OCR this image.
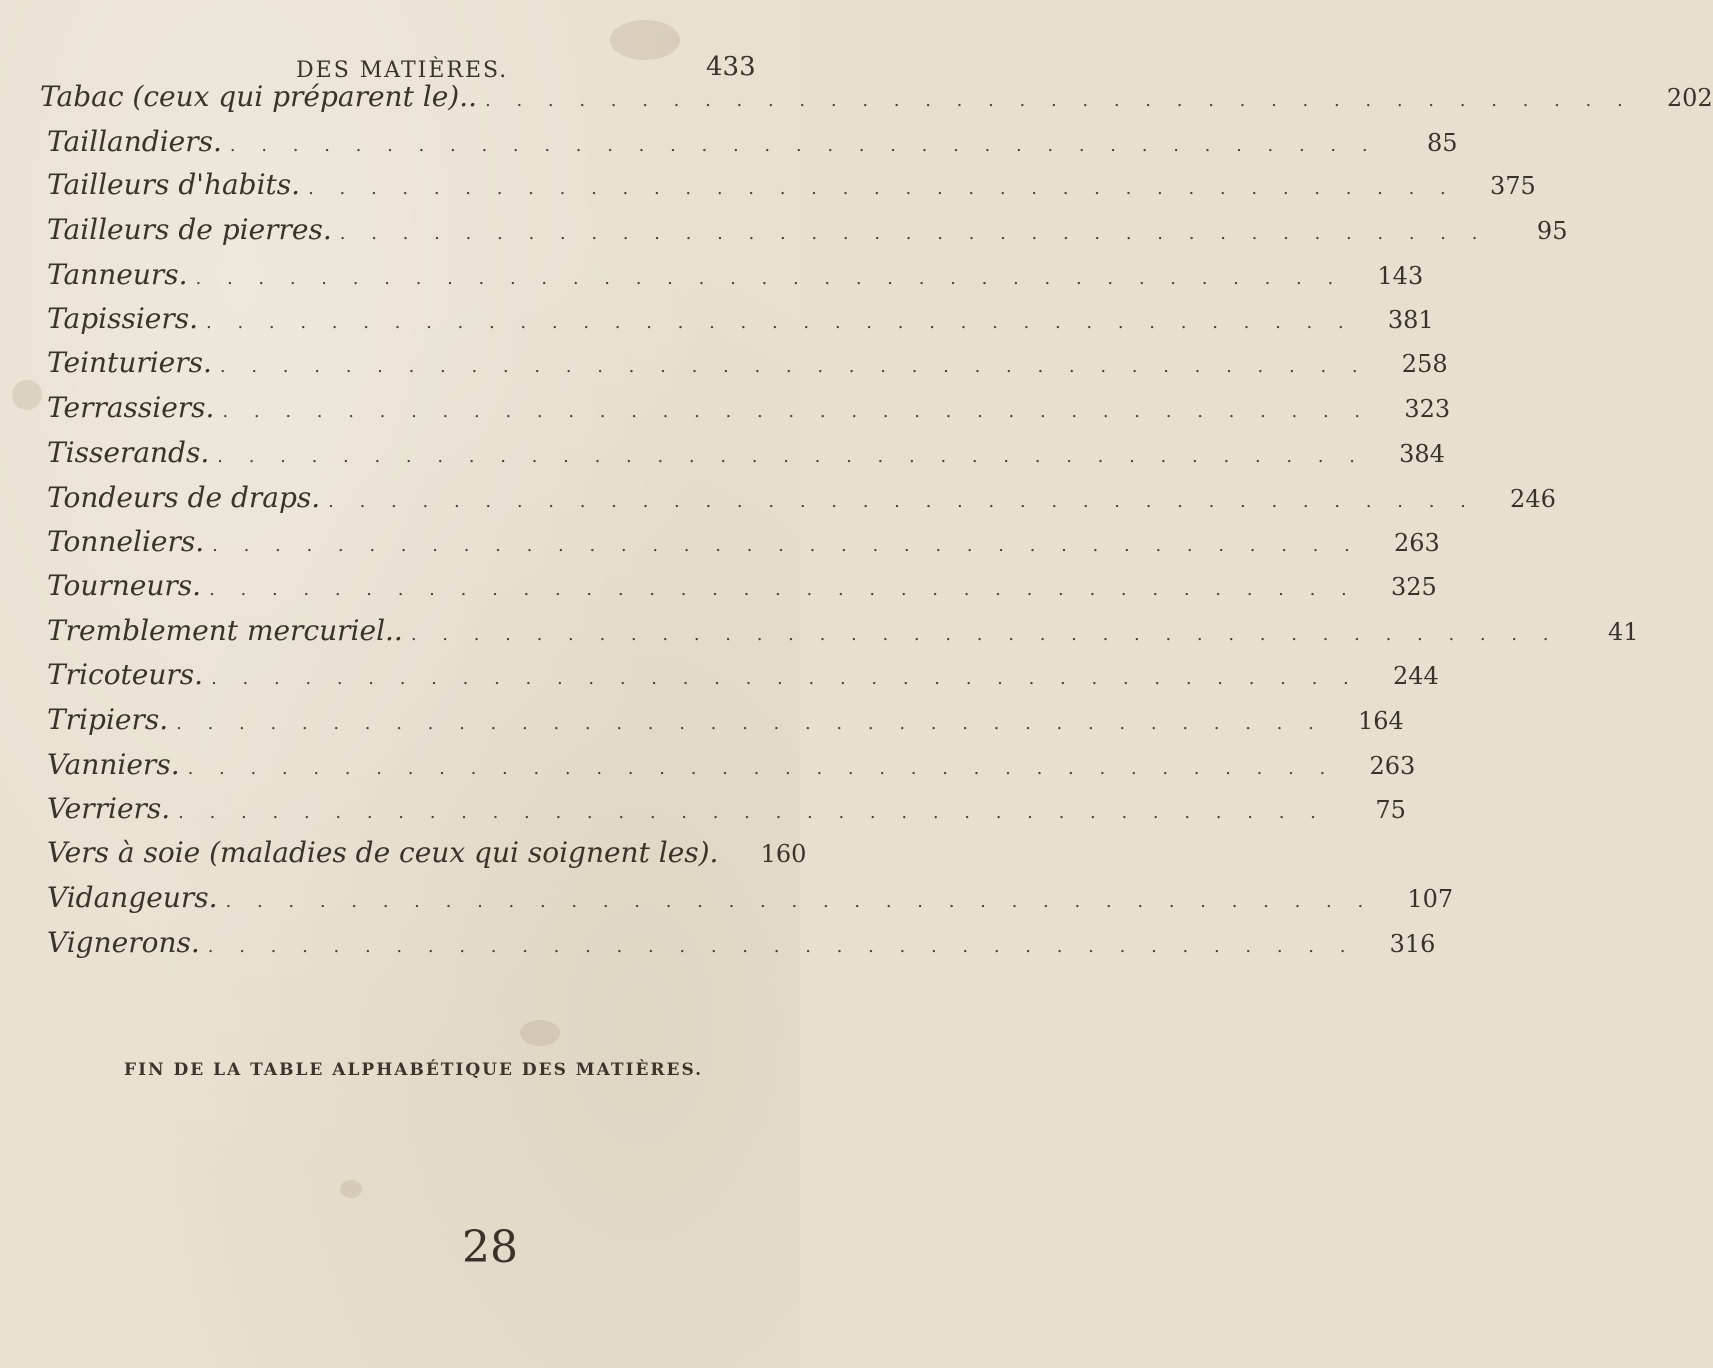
DES MATIÈRES.	433
Tabac (ceux qui préparent le).. . . . . . . . . . . . . . . . . . . . . . . . . . . . . . . . . . . . . .	202
Taillandiers. . . . . . . . . . . . . . . . . . . . . . . . . . . . . . . . . . . . . .	85
Tailleurs d'habits. . . . . . . . . . . . . . . . . . . . . . . . . . . . . . . . . . . . . .	375
Tailleurs de pierres. . . . . . . . . . . . . . . . . . . . . . . . . . . . . . . . . . . . . .	95
Tanneurs. . . . . . . . . . . . . . . . . . . . . . . . . . . . . . . . . . . . . .	143
Tapissiers. . . . . . . . . . . . . . . . . . . . . . . . . . . . . . . . . . . . . .	381
Teinturiers. . . . . . . . . . . . . . . . . . . . . . . . . . . . . . . . . . . . . .	258
Terrassiers. . . . . . . . . . . . . . . . . . . . . . . . . . . . . . . . . . . . . .	323
Tisserands. . . . . . . . . . . . . . . . . . . . . . . . . . . . . . . . . . . . . .	384
Tondeurs de draps. . . . . . . . . . . . . . . . . . . . . . . . . . . . . . . . . . . . . .	246
Tonneliers. . . . . . . . . . . . . . . . . . . . . . . . . . . . . . . . . . . . . .	263
Tourneurs. . . . . . . . . . . . . . . . . . . . . . . . . . . . . . . . . . . . . .	325
Tremblement mercuriel.. . . . . . . . . . . . . . . . . . . . . . . . . . . . . . . . . . . . . .	41
Tricoteurs. . . . . . . . . . . . . . . . . . . . . . . . . . . . . . . . . . . . . .	244
Tripiers. . . . . . . . . . . . . . . . . . . . . . . . . . . . . . . . . . . . . .	164
Vanniers. . . . . . . . . . . . . . . . . . . . . . . . . . . . . . . . . . . . . .	263
Verriers. . . . . . . . . . . . . . . . . . . . . . . . . . . . . . . . . . . . . .	75
Vers à soie (maladies de ceux qui soignent les).	160
Vidangeurs. . . . . . . . . . . . . . . . . . . . . . . . . . . . . . . . . . . . . .	107
Vignerons. . . . . . . . . . . . . . . . . . . . . . . . . . . . . . . . . . . . . .	316
FIN DE LA TABLE ALPHABÉTIQUE DES MATIÈRES.
28
